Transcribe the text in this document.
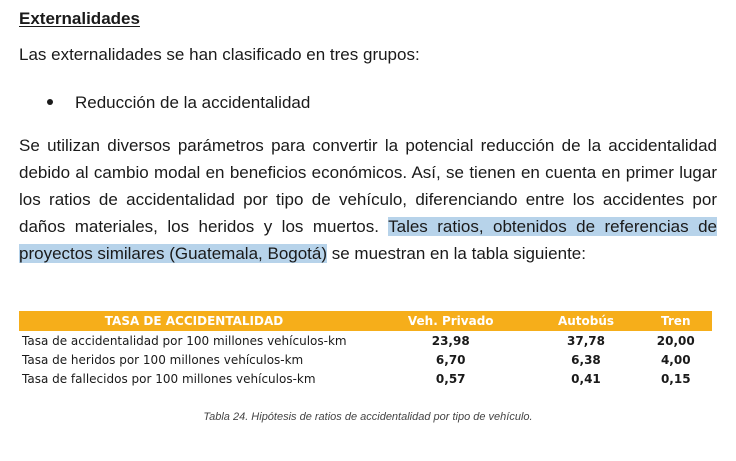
Externalidades
Las externalidades se han clasificado en tres grupos:
Reducción de la accidentalidad
Se utilizan diversos parámetros para convertir la potencial reducción de la accidentalidad debido al cambio modal en beneficios económicos. Así, se tienen en cuenta en primer lugar los ratios de accidentalidad por tipo de vehículo, diferenciando entre los accidentes por daños materiales, los heridos y los muertos. Tales ratios, obtenidos de referencias de proyectos similares (Guatemala, Bogotá) se muestran en la tabla siguiente:
TASA DE ACCIDENTALIDAD	Veh. Privado	Autobús	Tren
Tasa de accidentalidad por 100 millones vehículos-km	23,98	37,78	20,00
Tasa de heridos por 100 millones vehículos-km	6,70	6,38	4,00
Tasa de fallecidos por 100 millones vehículos-km	0,57	0,41	0,15
Tabla 24. Hipótesis de ratios de accidentalidad por tipo de vehículo.
